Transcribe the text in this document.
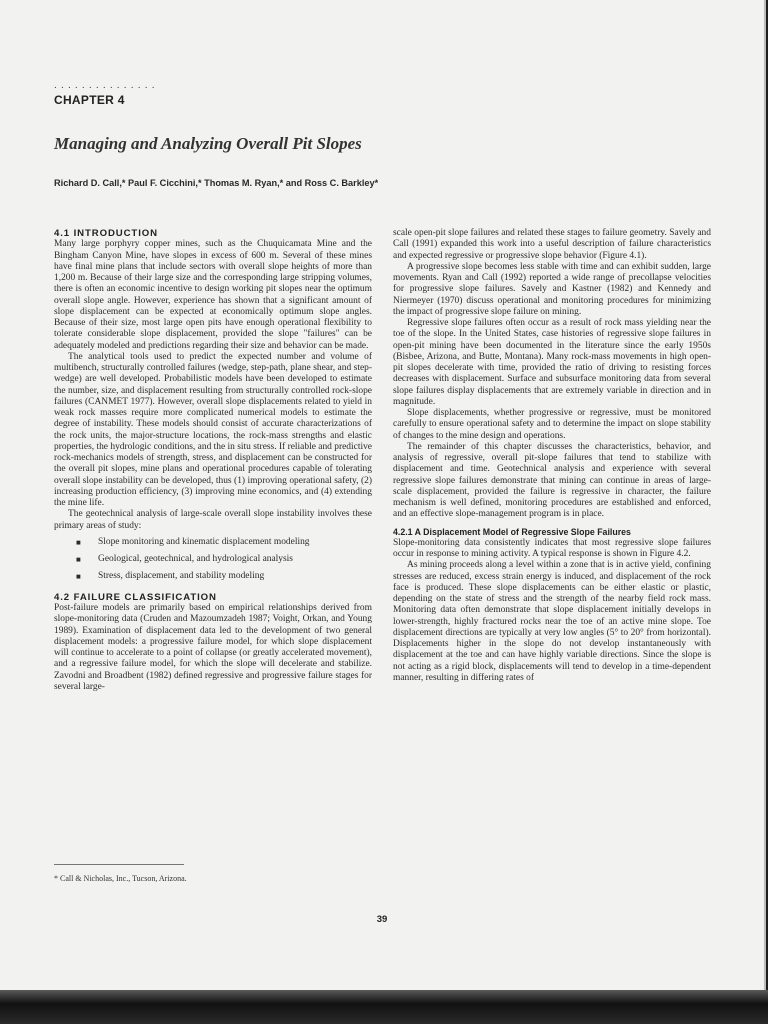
...............
CHAPTER 4
Managing and Analyzing Overall Pit Slopes
Richard D. Call,* Paul F. Cicchini,* Thomas M. Ryan,* and Ross C. Barkley*
4.1 INTRODUCTION

Many large porphyry copper mines, such as the Chuquicamata Mine and the Bingham Canyon Mine, have slopes in excess of 600 m. Several of these mines have final mine plans that include sectors with overall slope heights of more than 1,200 m. Because of their large size and the corresponding large stripping volumes, there is often an economic incentive to design working pit slopes near the optimum overall slope angle. However, experience has shown that a significant amount of slope displacement can be expected at economically optimum slope angles. Because of their size, most large open pits have enough operational flexibility to tolerate considerable slope displacement, provided the slope "failures" can be adequately modeled and predictions regarding their size and behavior can be made.

The analytical tools used to predict the expected number and volume of multibench, structurally controlled failures (wedge, step-path, plane shear, and step-wedge) are well developed. Probabilistic models have been developed to estimate the number, size, and displacement resulting from structurally controlled rock-slope failures (CANMET 1977). However, overall slope displacements related to yield in weak rock masses require more complicated numerical models to estimate the degree of instability. These models should consist of accurate characterizations of the rock units, the major-structure locations, the rock-mass strengths and elastic properties, the hydrologic conditions, and the in situ stress. If reliable and predictive rock-mechanics models of strength, stress, and displacement can be constructed for the overall pit slopes, mine plans and operational procedures capable of tolerating overall slope instability can be developed, thus (1) improving operational safety, (2) increasing production efficiency, (3) improving mine economics, and (4) extending the mine life.

The geotechnical analysis of large-scale overall slope instability involves these primary areas of study:

■ Slope monitoring and kinematic displacement modeling
■ Geological, geotechnical, and hydrological analysis
■ Stress, displacement, and stability modeling
4.2 FAILURE CLASSIFICATION

Post-failure models are primarily based on empirical relationships derived from slope-monitoring data (Cruden and Mazoumzadeh 1987; Voight, Orkan, and Young 1989). Examination of displacement data led to the development of two general displacement models: a progressive failure model, for which slope displacement will continue to accelerate to a point of collapse (or greatly accelerated movement), and a regressive failure model, for which the slope will decelerate and stabilize. Zavodni and Broadbent (1982) defined regressive and progressive failure stages for several large-

scale open-pit slope failures and related these stages to failure geometry. Savely and Call (1991) expanded this work into a useful description of failure characteristics and expected regressive or progressive slope behavior (Figure 4.1).

A progressive slope becomes less stable with time and can exhibit sudden, large movements. Ryan and Call (1992) reported a wide range of precollapse velocities for progressive slope failures. Savely and Kastner (1982) and Kennedy and Niermeyer (1970) discuss operational and monitoring procedures for minimizing the impact of progressive slope failure on mining.

Regressive slope failures often occur as a result of rock mass yielding near the toe of the slope. In the United States, case histories of regressive slope failures in open-pit mining have been documented in the literature since the early 1950s (Bisbee, Arizona, and Butte, Montana). Many rock-mass movements in high open-pit slopes decelerate with time, provided the ratio of driving to resisting forces decreases with displacement. Surface and subsurface monitoring data from several slope failures display displacements that are extremely variable in direction and in magnitude.

Slope displacements, whether progressive or regressive, must be monitored carefully to ensure operational safety and to determine the impact on slope stability of changes to the mine design and operations.

The remainder of this chapter discusses the characteristics, behavior, and analysis of regressive, overall pit-slope failures that tend to stabilize with displacement and time. Geotechnical analysis and experience with several regressive slope failures demonstrate that mining can continue in areas of large-scale displacement, provided the failure is regressive in character, the failure mechanism is well defined, monitoring procedures are established and enforced, and an effective slope-management program is in place.

4.2.1 A Displacement Model of Regressive Slope Failures

Slope-monitoring data consistently indicates that most regressive slope failures occur in response to mining activity. A typical response is shown in Figure 4.2.

As mining proceeds along a level within a zone that is in active yield, confining stresses are reduced, excess strain energy is induced, and displacement of the rock face is produced. These slope displacements can be either elastic or plastic, depending on the state of stress and the strength of the nearby field rock mass. Monitoring data often demonstrate that slope displacement initially develops in lower-strength, highly fractured rocks near the toe of an active mine slope. Toe displacement directions are typically at very low angles (5° to 20° from horizontal). Displacements higher in the slope do not develop instantaneously with displacement at the toe and can have highly variable directions. Since the slope is not acting as a rigid block, displacements will tend to develop in a time-dependent manner, resulting in differing rates of

* Call & Nicholas, Inc., Tucson, Arizona.
39
